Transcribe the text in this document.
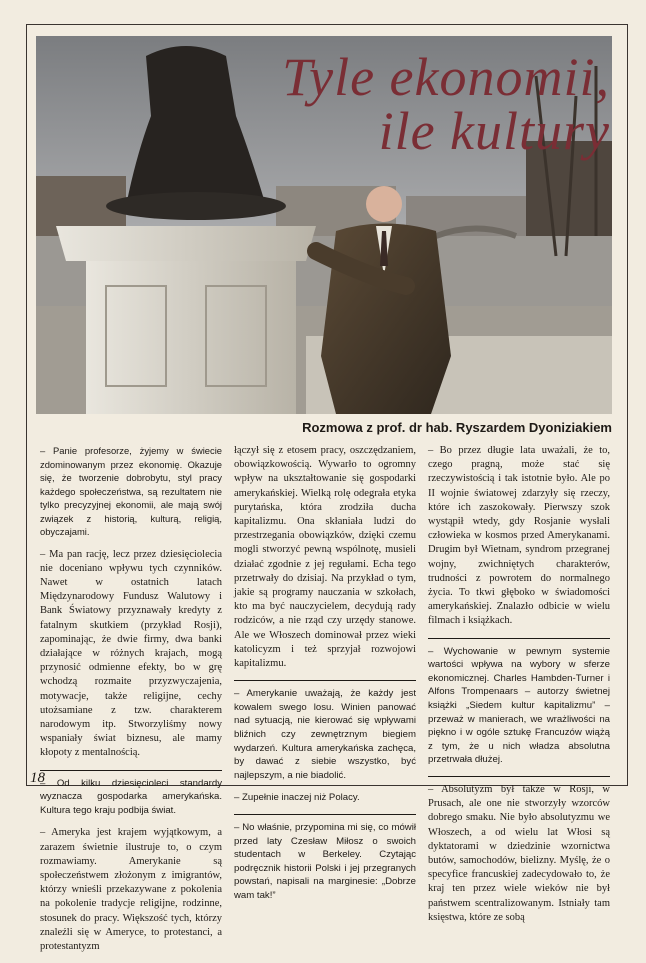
Tyle ekonomii,
ile kultury
Rozmowa z prof. dr hab. Ryszardem Dyoniziakiem

– Panie profesorze, żyjemy w świecie zdominowanym przez ekonomię. Okazuje się, że tworzenie dobrobytu, styl pracy każdego społeczeństwa, są rezultatem nie tylko precyzyjnej ekonomii, ale mają swój związek z historią, kulturą, religią, obyczajami.

– Ma pan rację, lecz przez dziesięciolecia nie doceniano wpływu tych czynników. Nawet w ostatnich latach Międzynarodowy Fundusz Walutowy i Bank Światowy przyznawały kredyty z fatalnym skutkiem (przykład Rosji), zapominając, że dwie firmy, dwa banki działające w różnych krajach, mogą przynosić odmienne efekty, bo w grę wchodzą rozmaite przyzwyczajenia, motywacje, także religijne, cechy utożsamiane z tzw. charakterem narodowym itp. Stworzyliśmy nowy wspaniały świat biznesu, ale mamy kłopoty z mentalnością.

– Od kilku dziesięcioleci standardy wyznacza gospodarka amerykańska. Kultura tego kraju podbija świat.

– Ameryka jest krajem wyjątkowym, a zarazem świetnie ilustruje to, o czym rozmawiamy. Amerykanie są społeczeństwem złożonym z imigrantów, którzy wnieśli przekazywane z pokolenia na pokolenie tradycje religijne, rodzinne, stosunek do pracy. Większość tych, którzy znaleźli się w Ameryce, to protestanci, a protestantyzm

łączył się z etosem pracy, oszczędzaniem, obowiązkowością. Wywarło to ogromny wpływ na ukształtowanie się gospodarki amerykańskiej. Wielką rolę odegrała etyka purytańska, która zrodziła ducha kapitalizmu. Ona skłaniała ludzi do przestrzegania obowiązków, dzięki czemu mogli stworzyć pewną wspólnotę, musieli działać zgodnie z jej regułami. Echa tego przetrwały do dzisiaj. Na przykład o tym, jakie są programy nauczania w szkołach, kto ma być nauczycielem, decydują rady rodziców, a nie rząd czy urzędy stanowe. Ale we Włoszech dominował przez wieki katolicyzm i też sprzyjał rozwojowi kapitalizmu.

– Amerykanie uważają, że każdy jest kowalem swego losu. Winien panować nad sytuacją, nie kierować się wpływami bliźnich czy zewnętrznym biegiem wydarzeń. Kultura amerykańska zachęca, by dawać z siebie wszystko, być najlepszym, a nie biadolić.

– Zupełnie inaczej niż Polacy.

– No właśnie, przypomina mi się, co mówił przed laty Czesław Miłosz o swoich studentach w Berkeley. Czytając podręcznik historii Polski i jej przegranych powstań, napisali na marginesie: „Dobrze wam tak!”

– Bo przez długie lata uważali, że to, czego pragną, może stać się rzeczywistością i tak istotnie było. Ale po II wojnie światowej zdarzyły się rzeczy, które ich zaszokowały. Pierwszy szok wystąpił wtedy, gdy Rosjanie wysłali człowieka w kosmos przed Amerykanami. Drugim był Wietnam, syndrom przegranej wojny, zwichniętych charakterów, trudności z powrotem do normalnego życia. To tkwi głęboko w świadomości amerykańskiej. Znalazło odbicie w wielu filmach i książkach.

– Wychowanie w pewnym systemie wartości wpływa na wybory w sferze ekonomicznej. Charles Hambden-Turner i Alfons Trompenaars – autorzy świetnej książki „Siedem kultur kapitalizmu” – przeważ w manierach, we wrażliwości na piękno i w ogóle sztukę Francuzów wiążą z tym, że u nich władza absolutna przetrwała dłużej.

– Absolutyzm był także w Rosji, w Prusach, ale one nie stworzyły wzorców dobrego smaku. Nie było absolutyzmu we Włoszech, a od wielu lat Włosi są dyktatorami w dziedzinie wzornictwa butów, samochodów, bielizny. Myślę, że o specyfice francuskiej zadecydowało to, że kraj ten przez wiele wieków nie był państwem scentralizowanym. Istniały tam księstwa, które ze sobą

18
